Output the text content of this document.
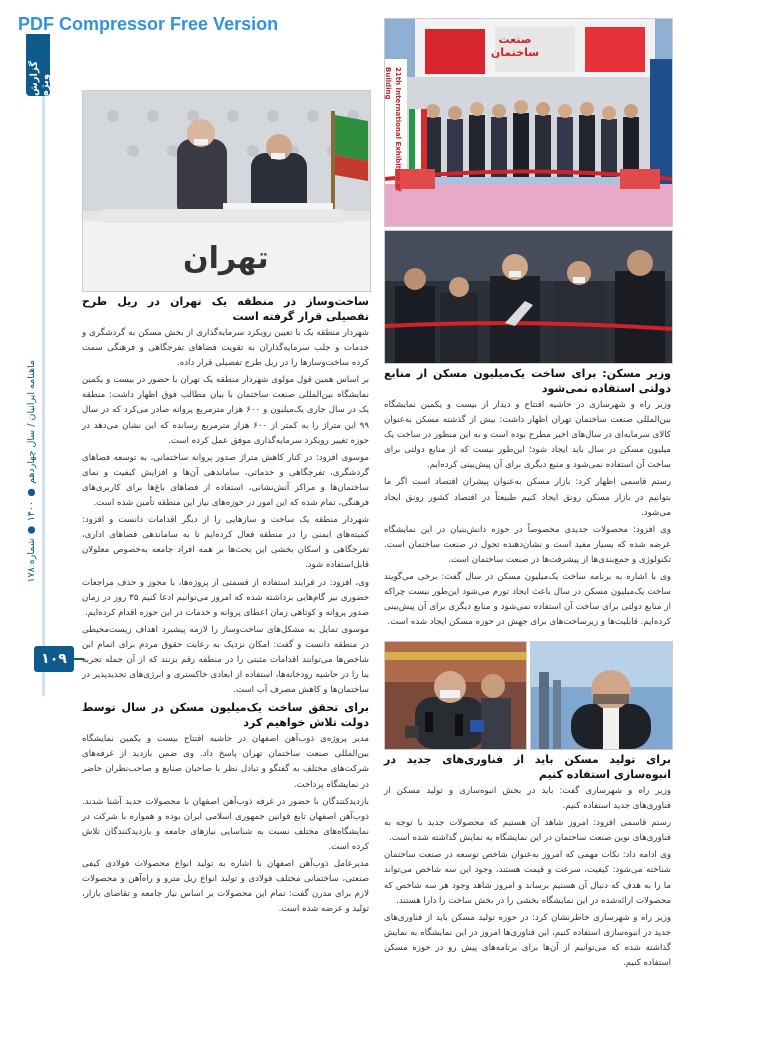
PDF Compressor Free Version
گزارش ویژه
ماهنامه ایرانیان / سال چهاردهم ● ۱۴۰۰ ● شماره ۱۷۸
۱۰۹
تهران
صنعت ساختمان
21th International Exhibition of Building

ساخت‌وساز در منطقه یک تهران در ریل طرح تفصیلی قرار گرفته است

شهردار منطقه یک با تعیین رویکرد سرمایه‌گذاری از بخش مسکن به گردشگری و خدمات و جلب سرمایه‌گذاران به تقویت فضاهای تفرجگاهی و فرهنگی سمت کرده ساخت‌وسازها را در ریل طرح تفصیلی قرار داده.

بر اساس همین قول مولوی شهردار منطقه یک تهران با حضور در بیست و یکمین نمایشگاه بین‌المللی صنعت ساختمان با بیان مطالب فوق اظهار داشت: منطقه یک در سال جاری یک‌میلیون و ۶۰۰ هزار مترمربع پروانه صادر می‌کرد که در سال ۹۹ این متراژ را به کمتر از ۶۰۰ هزار مترمربع رسانده که این نشان می‌دهد در حوزه تغییر رویکرد سرمایه‌گذاری موفق عمل کرده است.

موسوی افزود: در کنار کاهش متراژ صدور پروانه ساختمانی، به توسعه فضاهای گردشگری، تفرجگاهی و خدماتی، ساماندهی آن‌ها و افزایش کیفیت و نمای ساختمان‌ها و مراکز آتش‌نشانی، استفاده از فضاهای باغ‌ها برای کاربری‌های فرهنگی، تمام شده که این امور در حوزه‌های نیاز این منطقه تأمین شده است.

شهردار منطقه یک ساخت و سازهایی را از دیگر اقدامات دانست و افزود: کمیته‌های ایمنی را در منطقه فعال کرده‌ایم تا به ساماندهی فضاهای اداری، تفرجگاهی و اسکان بخشی این بحث‌ها بر همه افراد جامعه به‌خصوص معلولان قابل‌استفاده شود.

وی، افزود: در فرایند استفاده از قسمتی از پروژه‌ها، با مجوز و حذف مراجعات حضوری نیز گام‌هایی برداشته شده که امروز می‌توانیم ادعا کنیم ۳۵ روز در زمان صدور پروانه و کوتاهی زمان اعطای پروانه و خدمات در این حوزه اقدام کرده‌ایم.

موسوی تمایل به مشکل‌های ساخت‌وساز را لازمه پیشبرد اهداف زیست‌محیطی در منطقه دانست و گفت: امکان نزدیک به رعایت حقوق مردم برای اتمام این شاخص‌ها می‌توانند اقدامات مثبتی را در منطقه رقم بزنند که از آن جمله تجربه بنا را در حاشیه رودخانه‌ها، استفاده از ابعادی خاکستری و انرژی‌های تجدیدپذیر در ساختمان‌ها و کاهش مصرف آب است.

برای تحقق ساخت یک‌میلیون مسکن در سال توسط دولت تلاش خواهیم کرد

مدیر پروژه‌ی ذوب‌آهن اصفهان در حاشیه افتتاح بیست و یکمین نمایشگاه بین‌المللی صنعت ساختمان تهران پاسخ داد. وی ضمن بازدید از غرفه‌های شرکت‌های مختلف به گفتگو و تبادل نظر با صاحبان صنایع و صاحب‌نظران حاضر در نمایشگاه پرداخت.

بازدیدکنندگان با حضور در غرفه ذوب‌آهن اصفهان با محصولات جدید آشنا شدند. ذوب‌آهن اصفهان تابع قوانین جمهوری اسلامی ایران بوده و همواره با شرکت در نمایشگاه‌های مختلف نسبت به شناسایی نیازهای جامعه و بازدیدکنندگان تلاش کرده است.

مدیرعامل ذوب‌آهن اصفهان با اشاره به تولید انواع محصولات فولادی کیفی صنعتی، ساختمانی مختلف فولادی و تولید انواع ریل مترو و راه‌آهن و محصولات لازم برای مدرن گفت: تمام این محصولات بر اساس نیاز جامعه و تقاضای بازار، تولید و عرضه شده است.

وزیر مسکن: برای ساخت یک‌میلیون مسکن از منابع دولتی استفاده نمی‌شود

وزیر راه و شهرسازی در حاشیه افتتاح و دیدار از بیست و یکمین نمایشگاه بین‌المللی صنعت ساختمان تهران اظهار داشت: بیش از گذشته مسکن به‌عنوان کالای سرمایه‌ای در سال‌های اخیر مطرح بوده است و به این منظور در ساخت یک میلیون مسکن در سال باید ایجاد شود؛ این‌طور نیست که از منابع دولتی برای ساخت آن استفاده نمی‌شود و منبع دیگری برای آن پیش‌بینی کرده‌ایم.

رستم قاسمی اظهار کرد: بازار مسکن به‌عنوان پیشران اقتصاد است اگر ما بتوانیم در بازار مسکن رونق ایجاد کنیم طبیعتاً در اقتصاد کشور رونق ایجاد می‌شود.

وی افزود: محصولات جدیدی مخصوصاً در حوزه دانش‌بنیان در این نمایشگاه عرضه شده که بسیار مفید است و نشان‌دهنده تحول در صنعت ساختمان است. تکنولوژی و جمع‌بندی‌ها از پیشرفت‌ها در صنعت ساختمان است.

وی با اشاره به برنامه ساخت یک‌میلیون مسکن در سال گفت: برخی می‌گویند ساخت یک‌میلیون مسکن در سال باعث ایجاد تورم می‌شود این‌طور نیست چراکه از منابع دولتی برای ساخت آن استفاده نمی‌شود و منابع دیگری برای آن پیش‌بینی کرده‌ایم. قابلیت‌ها و زیرساخت‌های برای جهش در حوزه مسکن ایجاد شده است.

برای تولید مسکن باید از فناوری‌های جدید در انبوه‌سازی استفاده کنیم

وزیر راه و شهرسازی گفت: باید در بخش انبوه‌سازی و تولید مسکن از فناوری‌های جدید استفاده کنیم.

رستم قاسمی افزود: امروز شاهد آن هستیم که محصولات جدید با توجه به فناوری‌های نوین صنعت ساختمان در این نمایشگاه به نمایش گذاشته شده است.

وی ادامه داد: نکات مهمی که امروز به‌عنوان شاخص توسعه در صنعت ساختمان شناخته می‌شود: کیفیت، سرعت و قیمت هستند، وجود این سه شاخص می‌تواند ما را به هدف که دنبال آن هستیم برساند و امروز شاهد وجود هر سه شاخص که محصولات ارائه‌شده در این نمایشگاه بخشی را در بخش ساخت را دارا هستند.

وزیر راه و شهرسازی خاطرنشان کرد: در حوزه تولید مسکن باید از فناوری‌های جدید در انبوه‌سازی استفاده کنیم، این فناوری‌ها امروز در این نمایشگاه به نمایش گذاشته شده که می‌توانیم از آن‌ها برای برنامه‌های پیش رو در حوزه مسکن استفاده کنیم.
